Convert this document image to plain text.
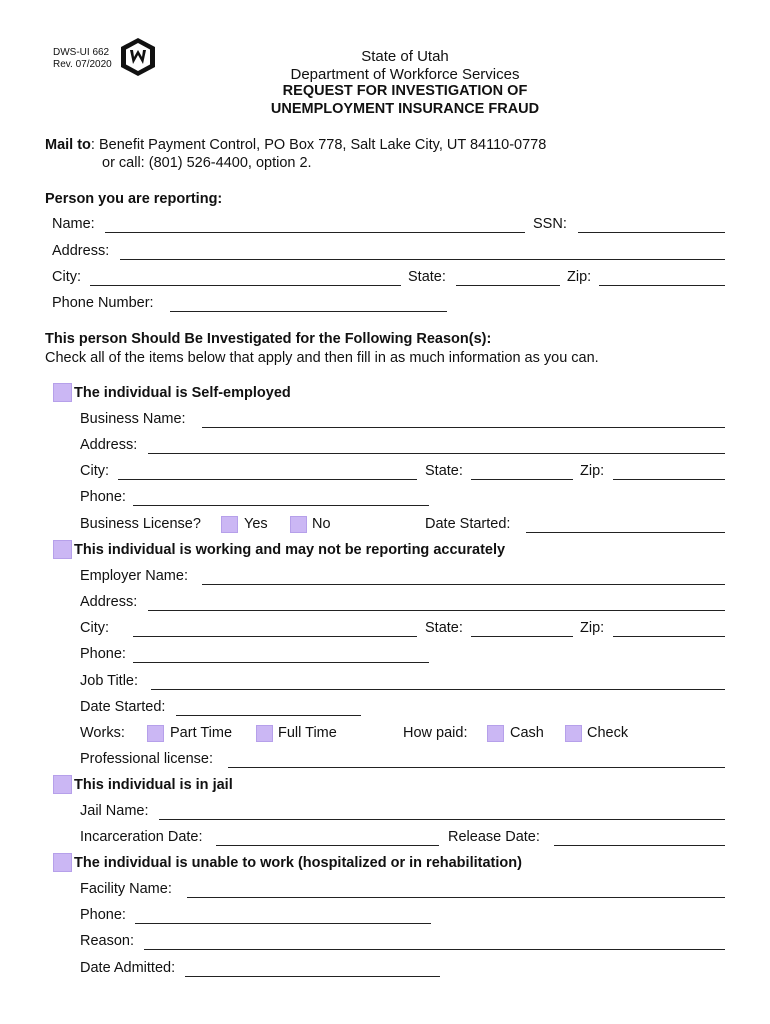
DWS-UI 662
Rev. 07/2020	State of Utah
Department of Workforce Services
REQUEST FOR INVESTIGATION OF
UNEMPLOYMENT INSURANCE FRAUD
Mail to: Benefit Payment Control, PO Box 778, Salt Lake City, UT 84110-0778
or call: (801) 526-4400, option 2.
Person you are reporting:
Name:	SSN:
Address:
City:	State:	Zip:
Phone Number:
This person Should Be Investigated for the Following Reason(s):
Check all of the items below that apply and then fill in as much information as you can.
The individual is Self-employed
Business Name:
Address:
City:	State:	Zip:
Phone:
Business License?	Yes	No	Date Started:
This individual is working and may not be reporting accurately
Employer Name:
Address:
City:	State:	Zip:
Phone:
Job Title:
Date Started:
Works:	Part Time	Full Time	How paid:	Cash	Check
Professional license:
This individual is in jail
Jail Name:
Incarceration Date:	Release Date:
The individual is unable to work (hospitalized or in rehabilitation)
Facility Name:
Phone:
Reason:
Date Admitted:
